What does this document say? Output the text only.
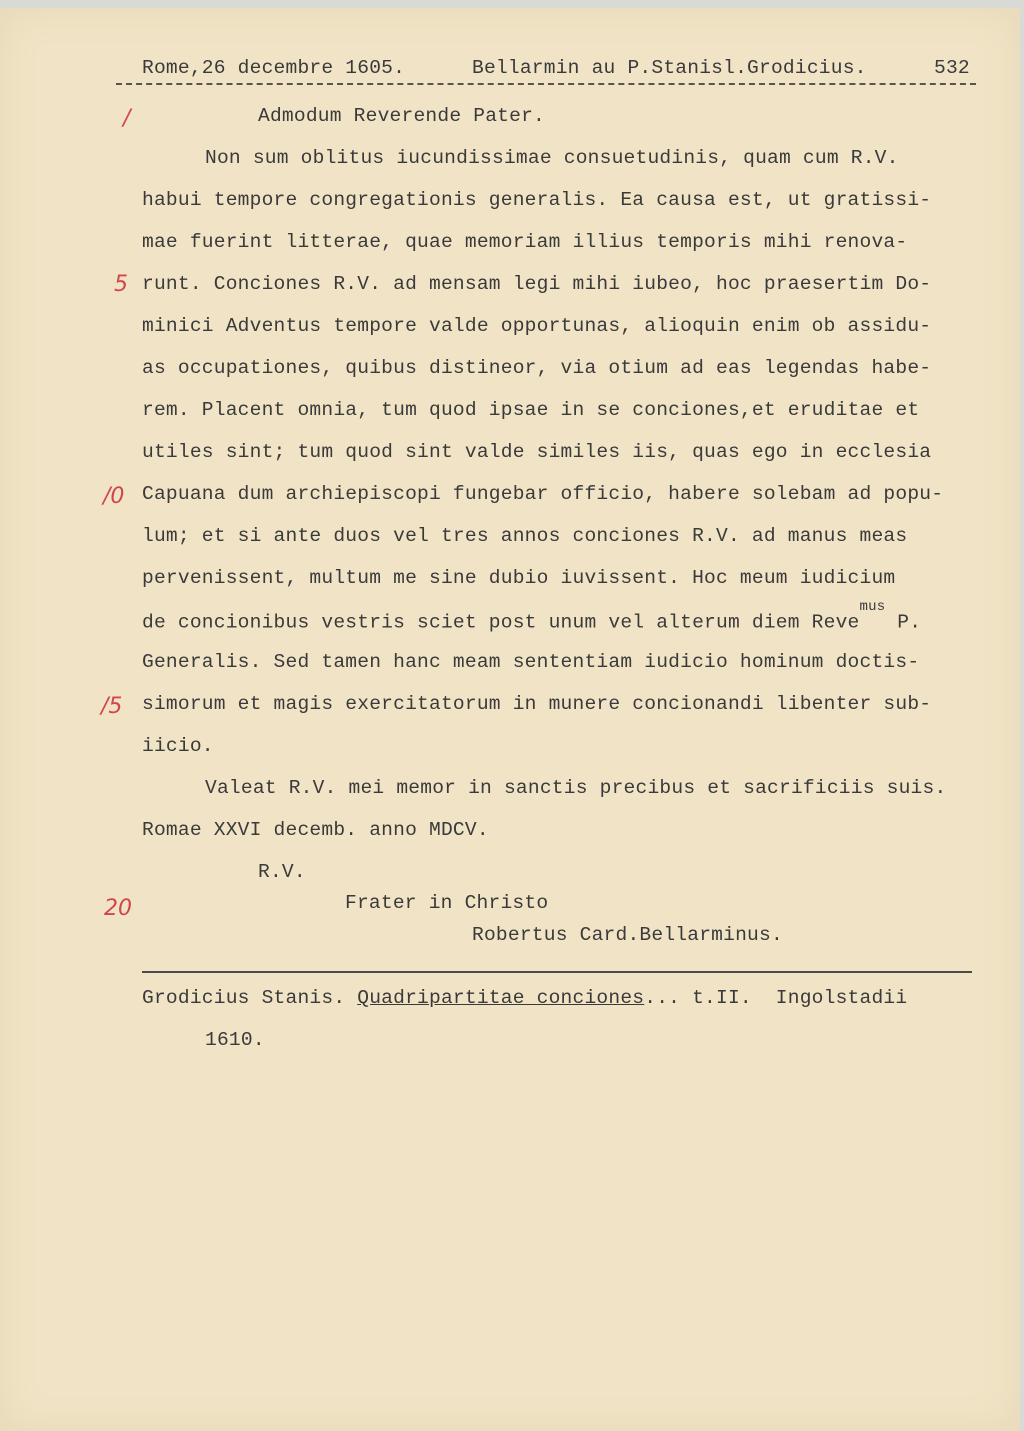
Rome,26 decembre 1605.

	Bellarmin au P.Stanisl.Grodicius.

	532

/
5
/0
/5
20
Admodum Reverende Pater.
Non sum oblitus iucundissimae consuetudinis, quam cum R.V.
habui tempore congregationis generalis. Ea causa est, ut gratissi-
mae fuerint litterae, quae memoriam illius temporis mihi renova-
runt. Conciones R.V. ad mensam legi mihi iubeo, hoc praesertim Do-
minici Adventus tempore valde opportunas, alioquin enim ob assidu-
as occupationes, quibus distineor, via otium ad eas legendas habe-
rem. Placent omnia, tum quod ipsae in se conciones,et eruditae et
utiles sint; tum quod sint valde similes iis, quas ego in ecclesia
Capuana dum archiepiscopi fungebar officio, habere solebam ad popu-
lum; et si ante duos vel tres annos conciones R.V. ad manus meas
pervenissent, multum me sine dubio iuvissent. Hoc meum iudicium
de concionibus vestris sciet post unum vel alterum diem Reve$^{mus}$ P.
Generalis. Sed tamen hanc meam sententiam iudicio hominum doctis-
simorum et magis exercitatorum in munere concionandi libenter sub-
iicio.
Valeat R.V. mei memor in sanctis precibus et sacrificiis suis.
Romae XXVI decemb. anno MDCV.
R.V.
Frater in Christo
Robertus Card.Bellarminus.
Grodicius Stanis. Quadripartitae conciones... t.II.  Ingolstadii
1610.
